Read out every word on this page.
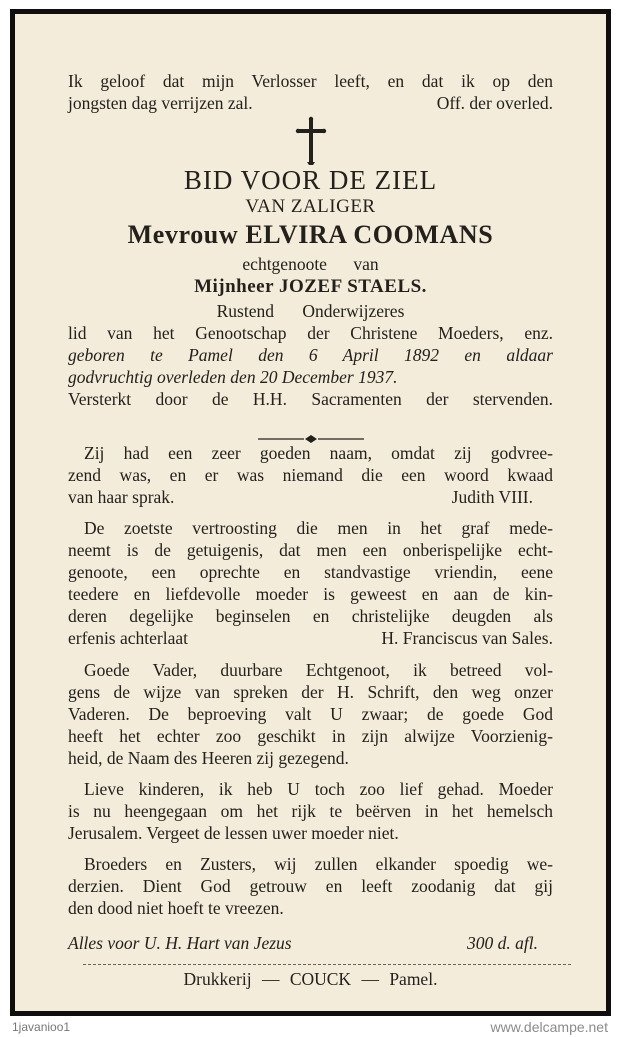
Ik geloof dat mijn Verlosser leeft, en dat ik op den
jongsten dag verrijzen zal.	Off. der overled.
BID VOOR DE ZIEL
VAN ZALIGER
Mevrouw ELVIRA COOMANS
echtgenoote van
Mijnheer JOZEF STAELS.
Rustend Onderwijzeres
lid van het Genootschap der Christene Moeders, enz.
geboren te Pamel den 6 April 1892 en aldaar
godvruchtig overleden den 20 December 1937.
Versterkt door de H.H. Sacramenten der stervenden.
Zij had een zeer goeden naam, omdat zij godvree-
zend was, en er was niemand die een woord kwaad
van haar sprak.	Judith VIII.
De zoetste vertroosting die men in het graf mede-
neemt is de getuigenis, dat men een onberispelijke echt-
genoote, een oprechte en standvastige vriendin, eene
teedere en liefdevolle moeder is geweest en aan de kin-
deren degelijke beginselen en christelijke deugden als
erfenis achterlaat	H. Franciscus van Sales.
Goede Vader, duurbare Echtgenoot, ik betreed vol-
gens de wijze van spreken der H. Schrift, den weg onzer
Vaderen. De beproeving valt U zwaar; de goede God
heeft het echter zoo geschikt in zijn alwijze Voorzienig-
heid, de Naam des Heeren zij gezegend.
Lieve kinderen, ik heb U toch zoo lief gehad. Moeder
is nu heengegaan om het rijk te beërven in het hemelsch
Jerusalem. Vergeet de lessen uwer moeder niet.
Broeders en Zusters, wij zullen elkander spoedig we-
derzien. Dient God getrouw en leeft zoodanig dat gij
den dood niet hoeft te vreezen.
Alles voor U. H. Hart van Jezus	300 d. afl.
Drukkerij — COUCK — Pamel.
1javanioo1	www.delcampe.net
